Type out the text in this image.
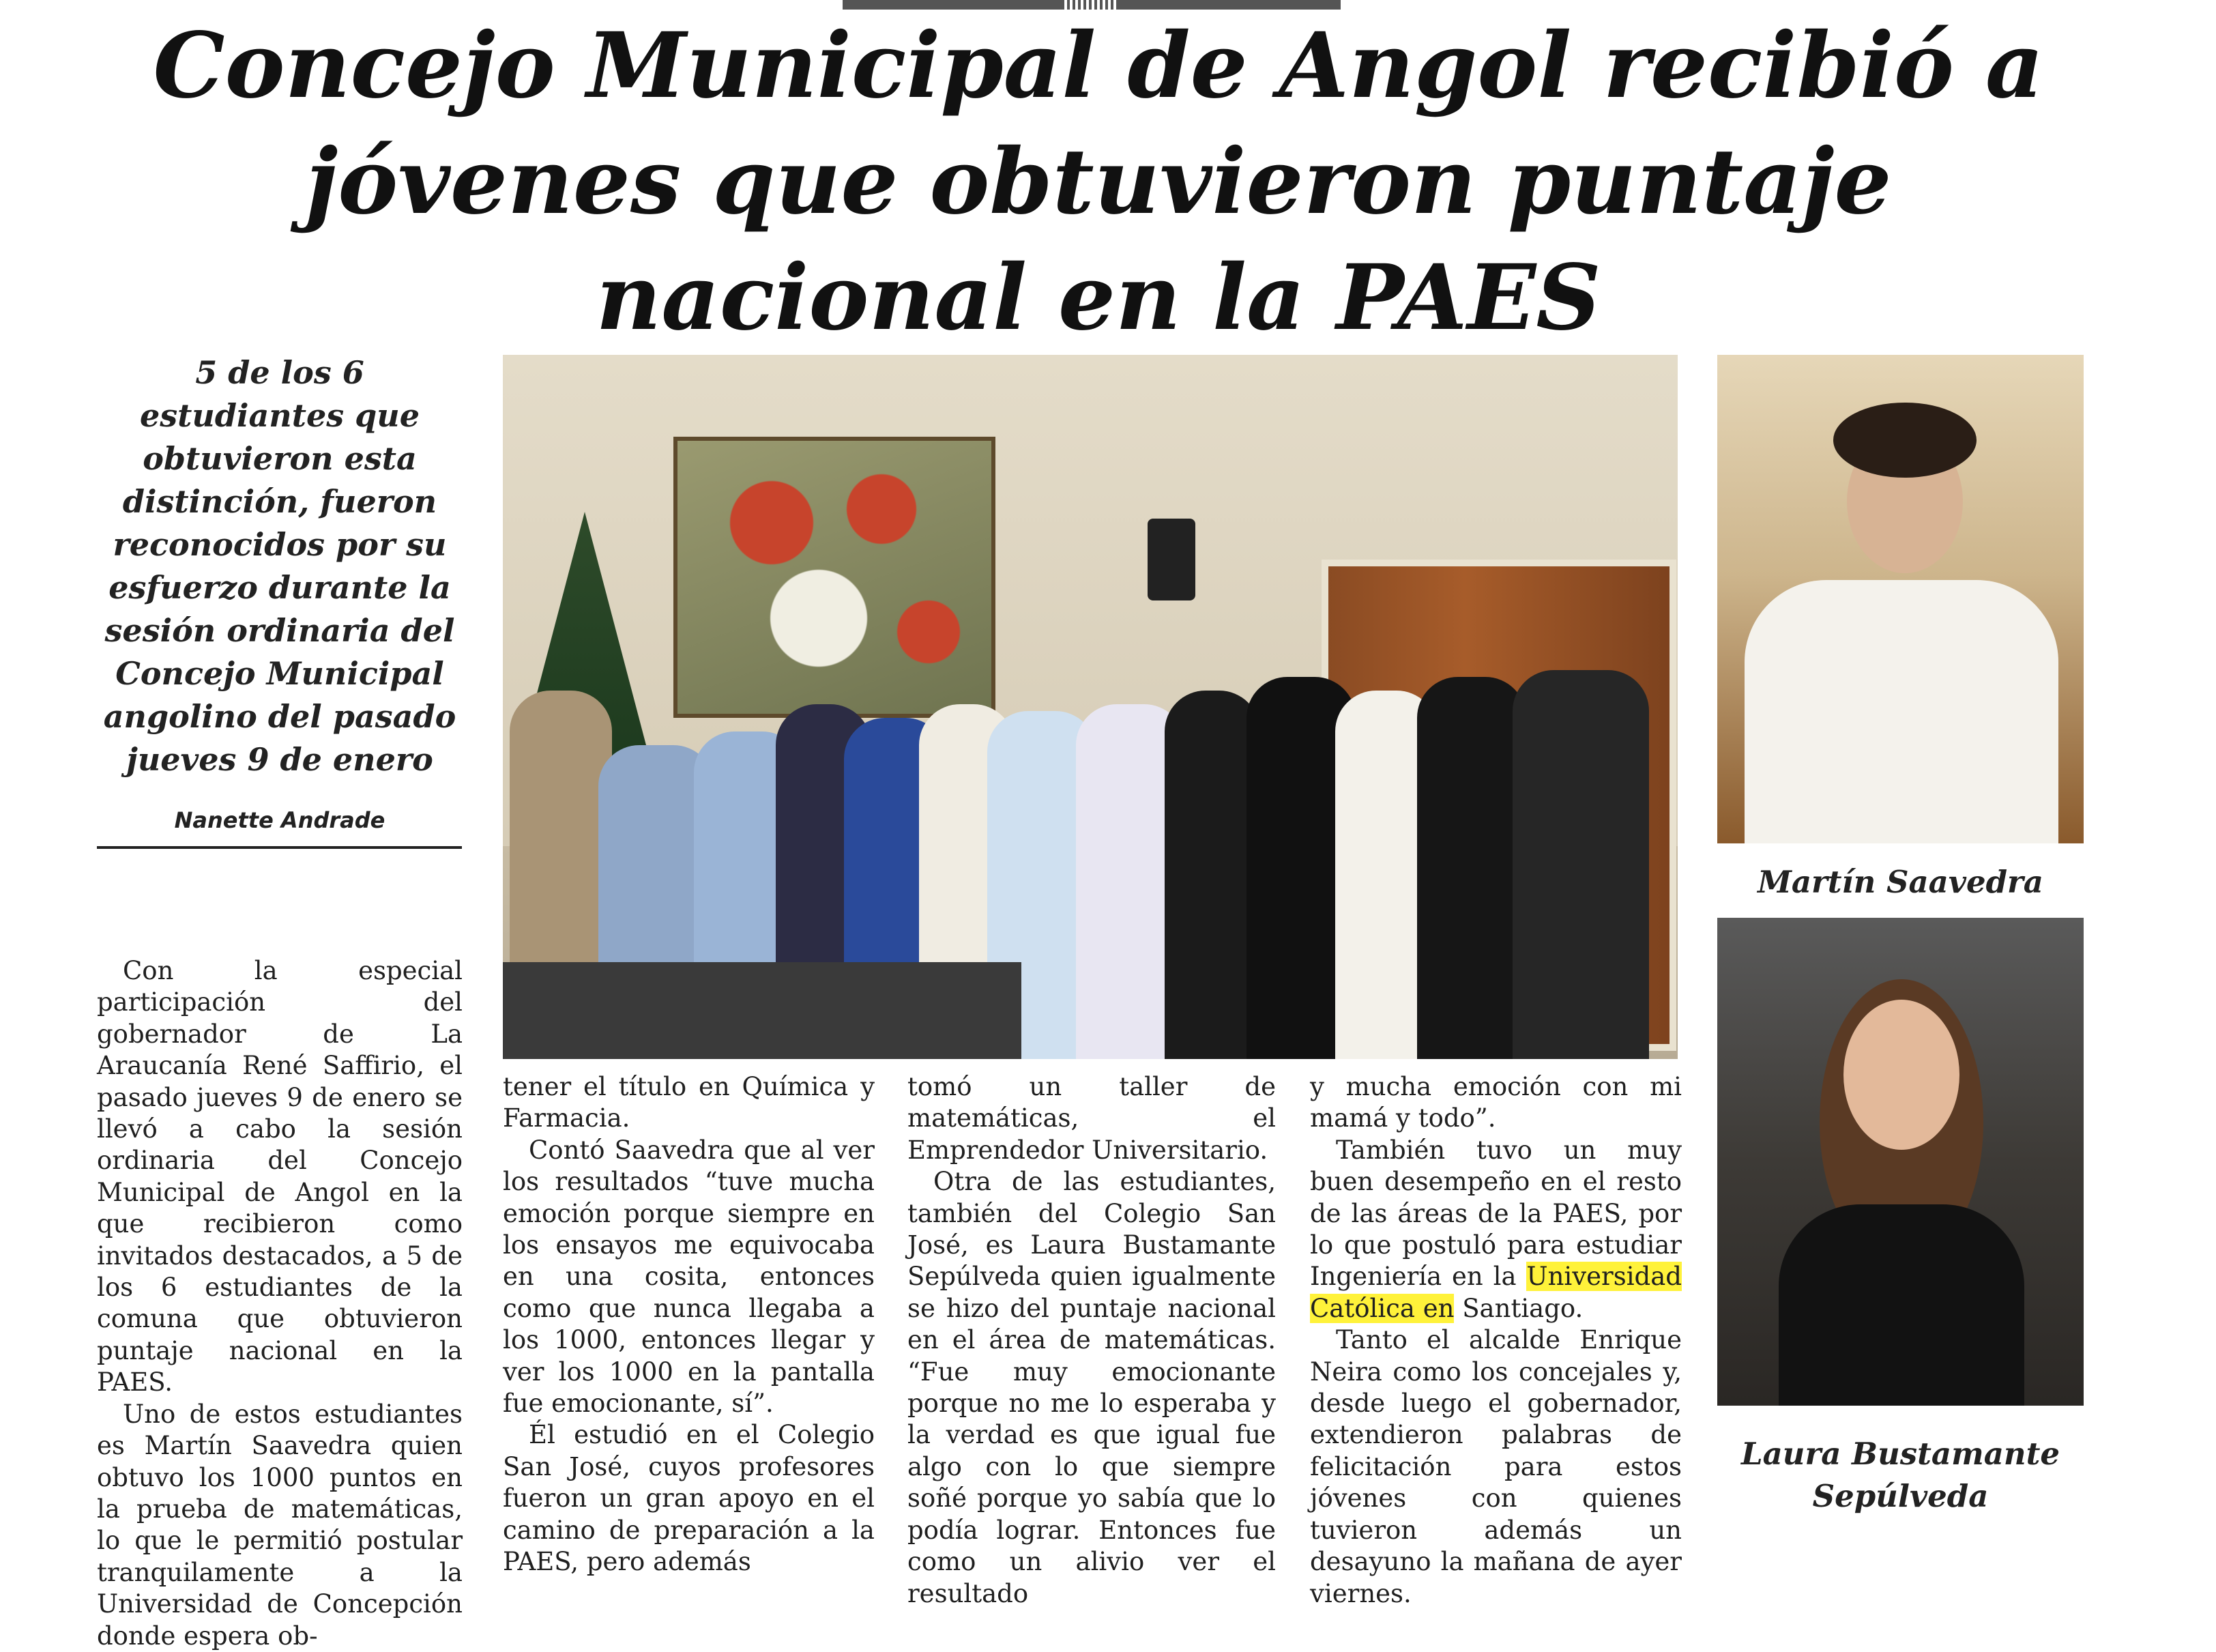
Concejo Municipal de Angol recibió a jóvenes que obtuvieron puntaje nacional en la PAES

5 de los 6 estudiantes que obtuvieron esta distinción, fueron reconocidos por su esfuerzo durante la sesión ordinaria del Concejo Municipal angolino del pasado jueves 9 de enero

Nanette Andrade
Martín Saavedra
Laura Bustamante
Sepúlveda

Con la especial participación del gobernador de La Araucanía René Saffirio, el pasado jueves 9 de enero se llevó a cabo la sesión ordinaria del Concejo Municipal de Angol en la que recibieron como invitados destacados, a 5 de los 6 estudiantes de la comuna que obtuvieron puntaje nacional en la PAES.

Uno de estos estudiantes es Martín Saavedra quien obtuvo los 1000 puntos en la prueba de matemáticas, lo que le permitió postular tranquilamente a la Universidad de Concepción donde espera ob-

tener el título en Química y Farmacia.

Contó Saavedra que al ver los resultados “tuve mucha emoción porque siempre en los ensayos me equivocaba en una cosita, entonces como que nunca llegaba a los 1000, entonces llegar y ver los 1000 en la pantalla fue emocionante, sí”.

Él estudió en el Colegio San José, cuyos profesores fueron un gran apoyo en el camino de preparación a la PAES, pero además

tomó un taller de matemáticas, el Emprendedor Universitario.

Otra de las estudiantes, también del Colegio San José, es Laura Bustamante Sepúlveda quien igualmente se hizo del puntaje nacional en el área de matemáticas. “Fue muy emocionante porque no me lo esperaba y la verdad es que igual fue algo con lo que siempre soñé porque yo sabía que lo podía lograr. Entonces fue como un alivio ver el resultado

y mucha emoción con mi mamá y todo”.

También tuvo un muy buen desempeño en el resto de las áreas de la PAES, por lo que postuló para estudiar Ingeniería en la Universidad Católica en Santiago.

Tanto el alcalde Enrique Neira como los concejales y, desde luego el gobernador, extendieron palabras de felicitación para estos jóvenes con quienes tuvieron además un desayuno la mañana de ayer viernes.
